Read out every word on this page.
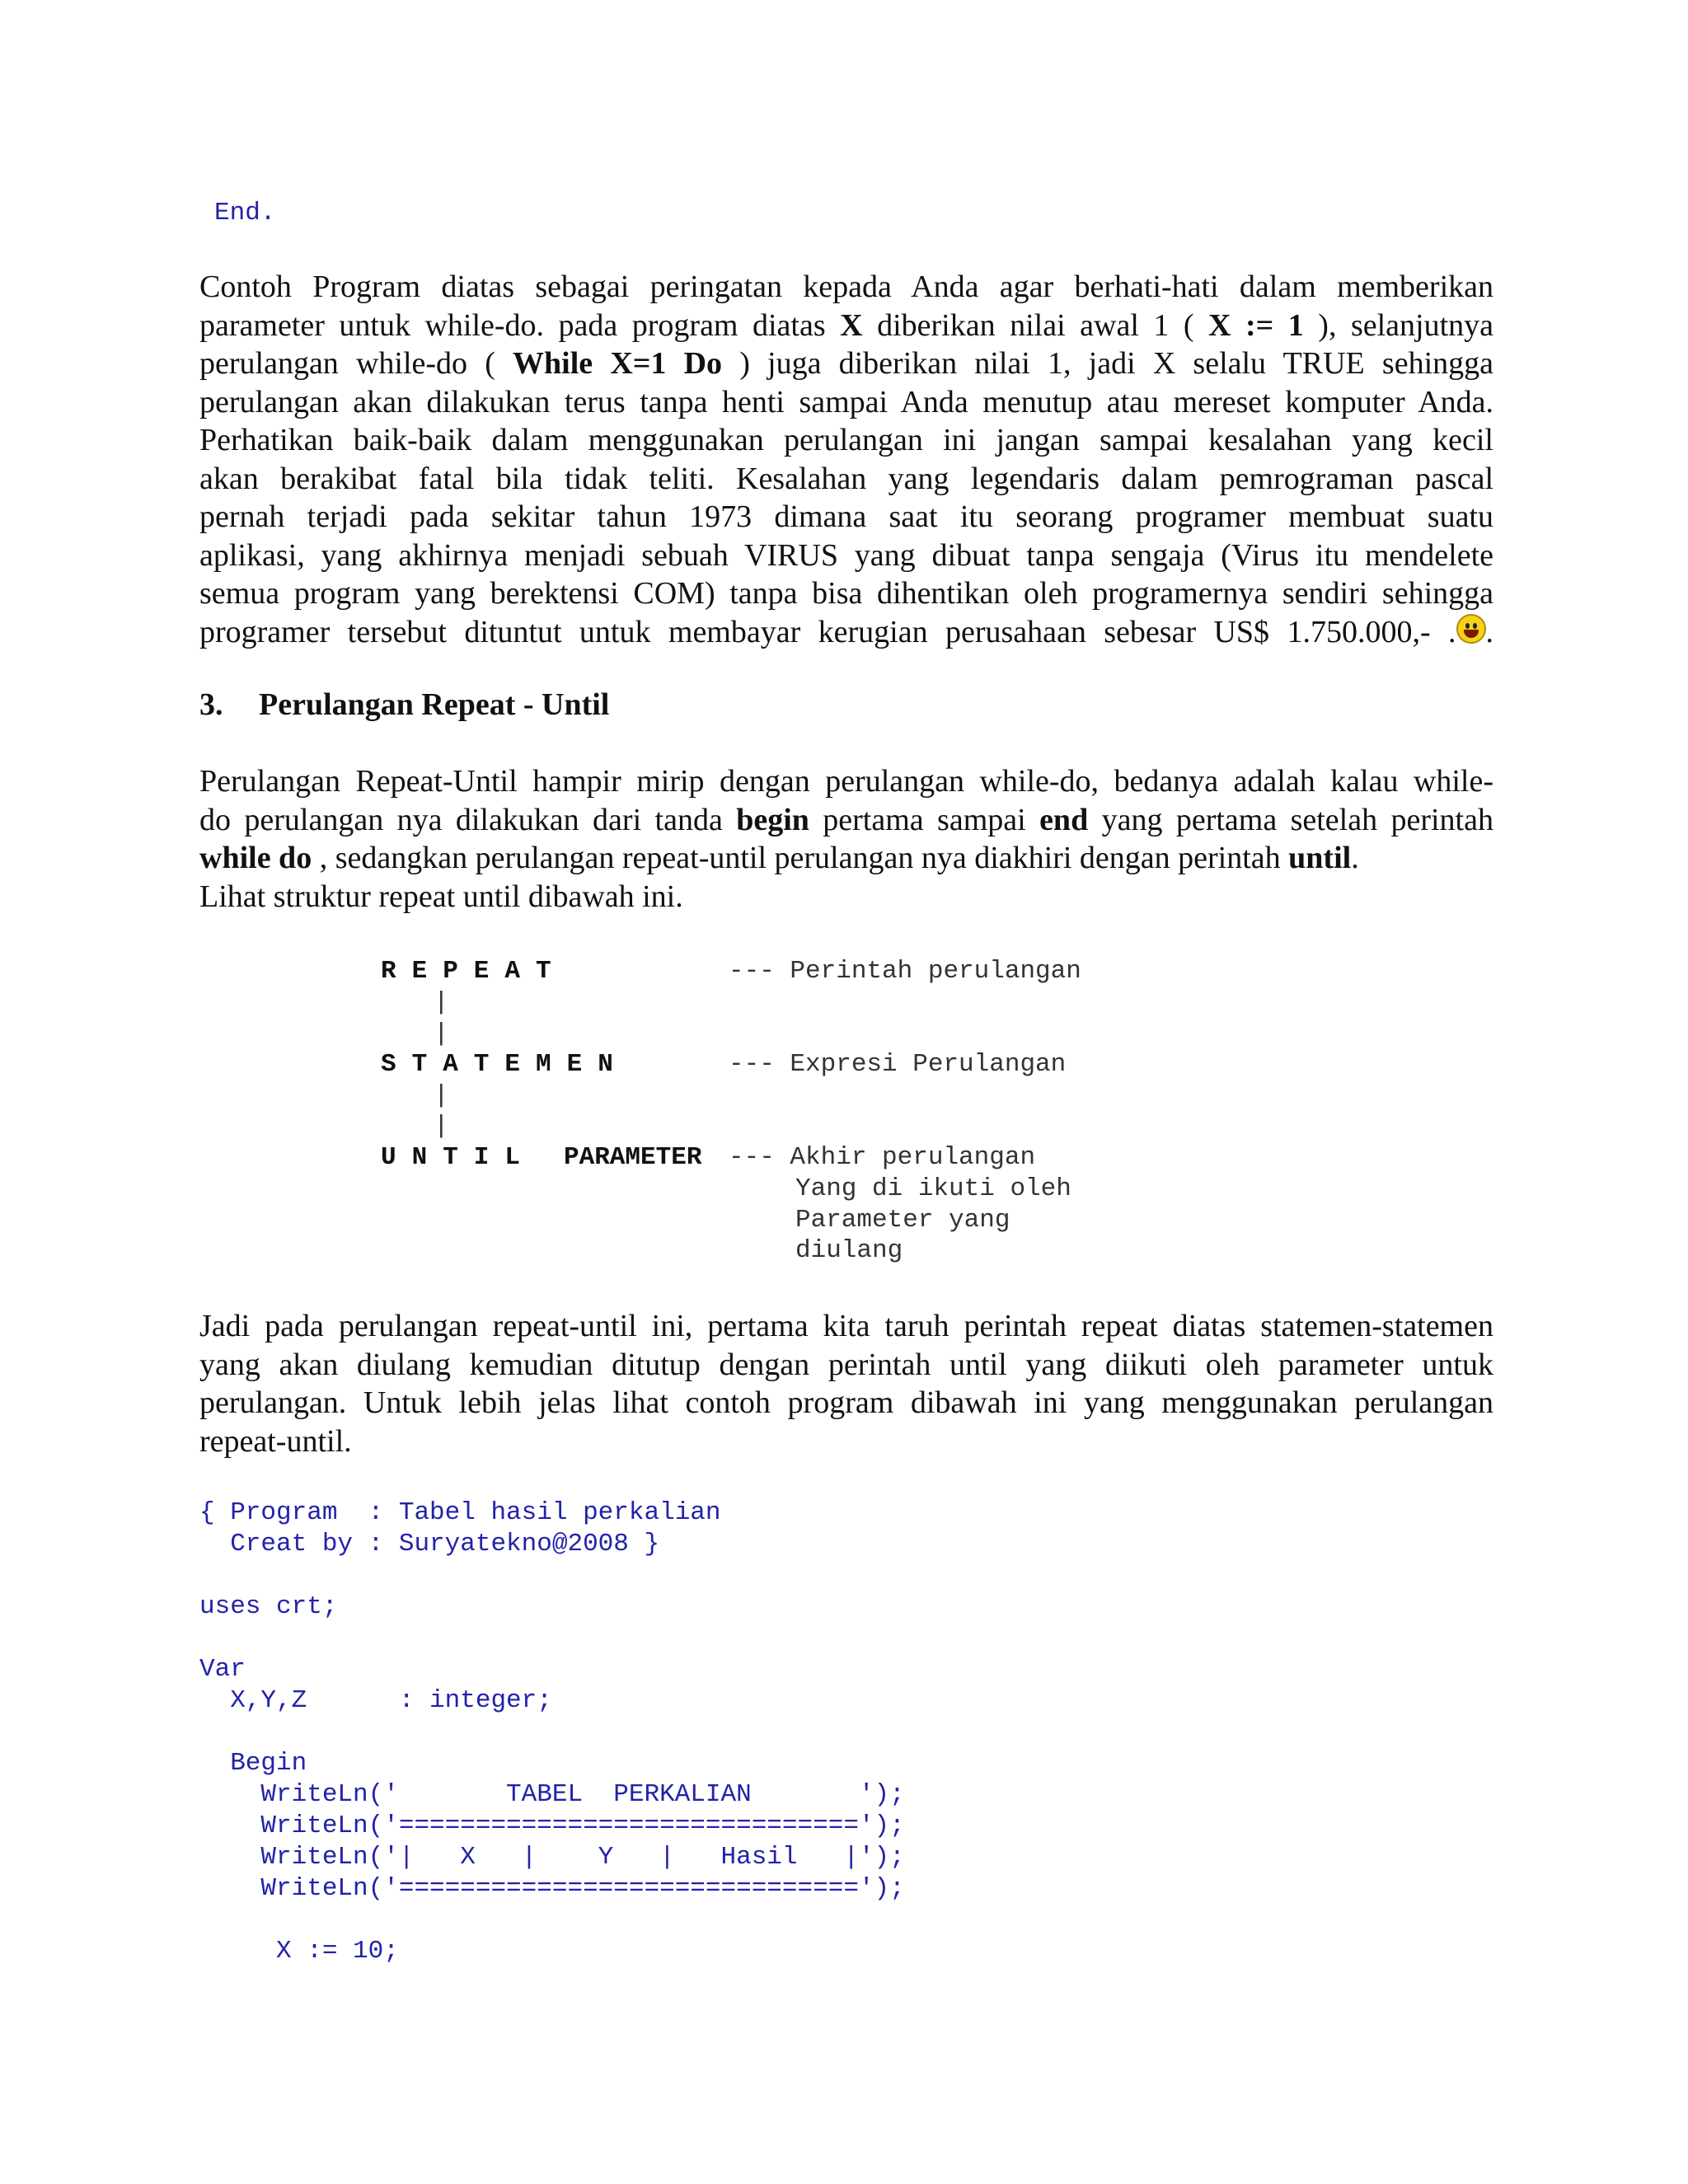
End.
Contoh Program diatas sebagai peringatan kepada Anda agar berhati-hati dalam memberikan
parameter untuk while-do. pada program diatas X diberikan nilai awal 1 ( X := 1 ), selanjutnya
perulangan while-do ( While X=1 Do ) juga diberikan nilai 1, jadi X selalu TRUE sehingga
perulangan akan dilakukan terus tanpa henti sampai Anda menutup atau mereset komputer Anda.
Perhatikan baik-baik dalam menggunakan perulangan ini jangan sampai kesalahan yang kecil
akan berakibat fatal bila tidak teliti. Kesalahan yang legendaris dalam pemrograman pascal
pernah terjadi pada sekitar tahun 1973 dimana saat itu seorang programer membuat suatu
aplikasi, yang akhirnya menjadi sebuah VIRUS yang dibuat tanpa sengaja (Virus itu mendelete
semua program yang berektensi COM) tanpa bisa dihentikan oleh programernya sendiri sehingga
programer tersebut dituntut untuk membayar kerugian perusahaan sebesar US$ 1.750.000,- . .
3. Perulangan Repeat - Until
Perulangan Repeat-Until hampir mirip dengan perulangan while-do, bedanya adalah kalau while-
do perulangan nya dilakukan dari tanda begin pertama sampai end yang pertama setelah perintah
while do , sedangkan perulangan repeat-until perulangan nya diakhiri dengan perintah until.
Lihat struktur repeat until dibawah ini.
REPEAT	--- Perintah perulangan
|
|
STATEMEN	--- Expresi Perulangan
|
|
UNTIL PARAMETER --- Akhir perulangan
Yang di ikuti oleh
Parameter yang
diulang
Jadi pada perulangan repeat-until ini, pertama kita taruh perintah repeat diatas statemen-statemen
yang akan diulang kemudian ditutup dengan perintah until yang diikuti oleh parameter untuk
perulangan. Untuk lebih jelas lihat contoh program dibawah ini yang menggunakan perulangan
repeat-until.
{ Program  : Tabel hasil perkalian
Creat by : Suryatekno@2008 }

uses crt;

Var
X,Y,Z      : integer;

Begin
WriteLn('       TABEL  PERKALIAN       ');
WriteLn('==============================');
WriteLn('|   X   |    Y   |   Hasil   |');
WriteLn('==============================');

X := 10;
